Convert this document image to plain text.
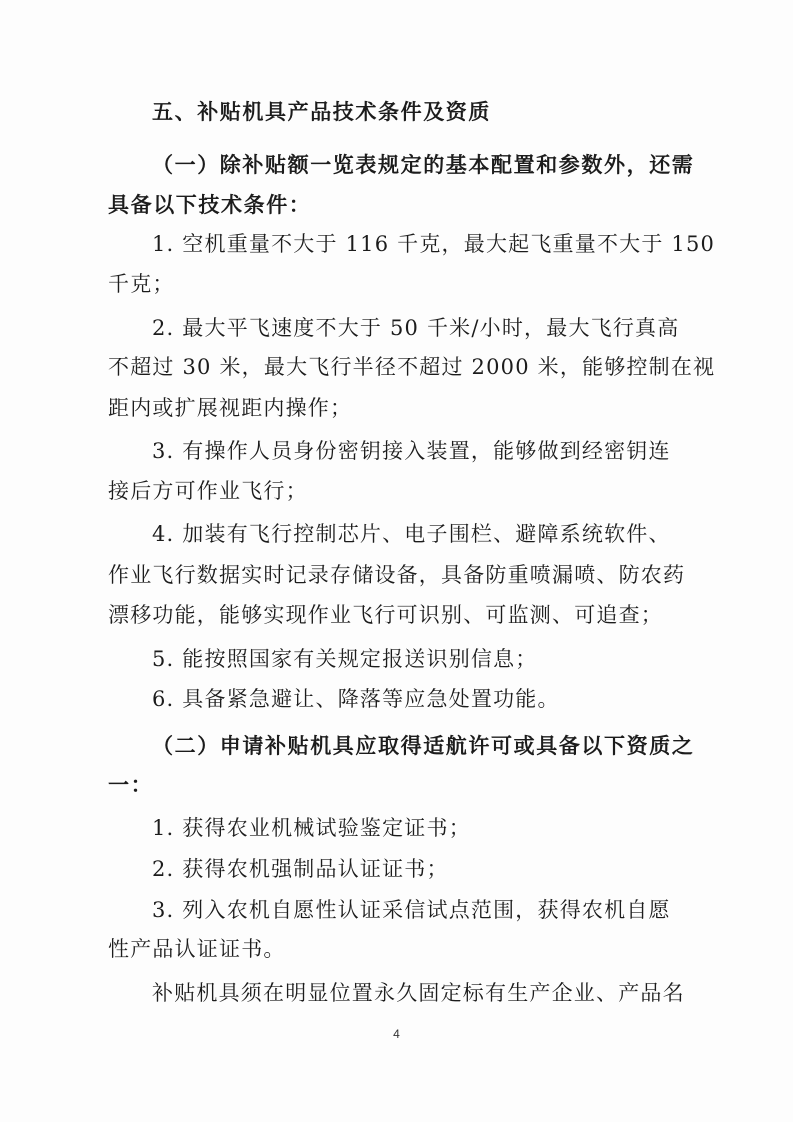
五、补贴机具产品技术条件及资质
（一）除补贴额一览表规定的基本配置和参数外，还需
具备以下技术条件：
1. 空机重量不大于 116 千克，最大起飞重量不大于 150
千克；
2. 最大平飞速度不大于 50 千米/小时，最大飞行真高
不超过 30 米，最大飞行半径不超过 2000 米，能够控制在视
距内或扩展视距内操作；
3. 有操作人员身份密钥接入装置，能够做到经密钥连
接后方可作业飞行；
4. 加装有飞行控制芯片、电子围栏、避障系统软件、
作业飞行数据实时记录存储设备，具备防重喷漏喷、防农药
漂移功能，能够实现作业飞行可识别、可监测、可追查；
5. 能按照国家有关规定报送识别信息；
6. 具备紧急避让、降落等应急处置功能。
（二）申请补贴机具应取得适航许可或具备以下资质之
一：
1. 获得农业机械试验鉴定证书；
2. 获得农机强制品认证证书；
3. 列入农机自愿性认证采信试点范围，获得农机自愿
性产品认证证书。
补贴机具须在明显位置永久固定标有生产企业、产品名
4
